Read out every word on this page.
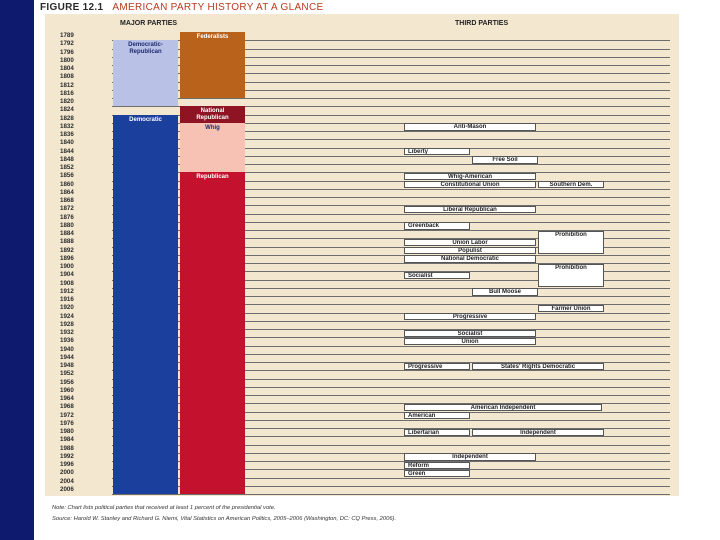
FIGURE 12.1 AMERICAN PARTY HISTORY AT A GLANCE
MAJOR PARTIES	THIRD PARTIES
1789
1792
1796
1800
1804
1808
1812
1816
1820
1824
1828
1832
1836
1840
1844
1848
1852
1856
1860
1864
1868
1872
1876
1880
1884
1888
1892
1896
1900
1904
1908
1912
1916
1920
1924
1928
1932
1936
1940
1944
1948
1952
1956
1960
1964
1968
1972
1976
1980
1984
1988
1992
1996
2000
2004
2006
Democratic-
Republican
Democratic
Federalists
National
Republican
Whig
Republican
Anti-Mason
Liberty
Free Soil
Whig-American
Constitutional Union	Southern Dem.
Liberal Republican
Greenback
Prohibition
Union Labor
Populist
National Democratic
Prohibition
Socialist
Bull Moose
Farmer Union
Progressive
Socialist
Union
Progressive	States' Rights Democratic
American Independent
American
Libertarian	Independent
Independent
Reform
Green
Note: Chart lists political parties that received at least 1 percent of the presidential vote.
Source: Harold W. Stanley and Richard G. Niemi, Vital Statistics on American Politics, 2005–2006 (Washington, DC: CQ Press, 2006).
